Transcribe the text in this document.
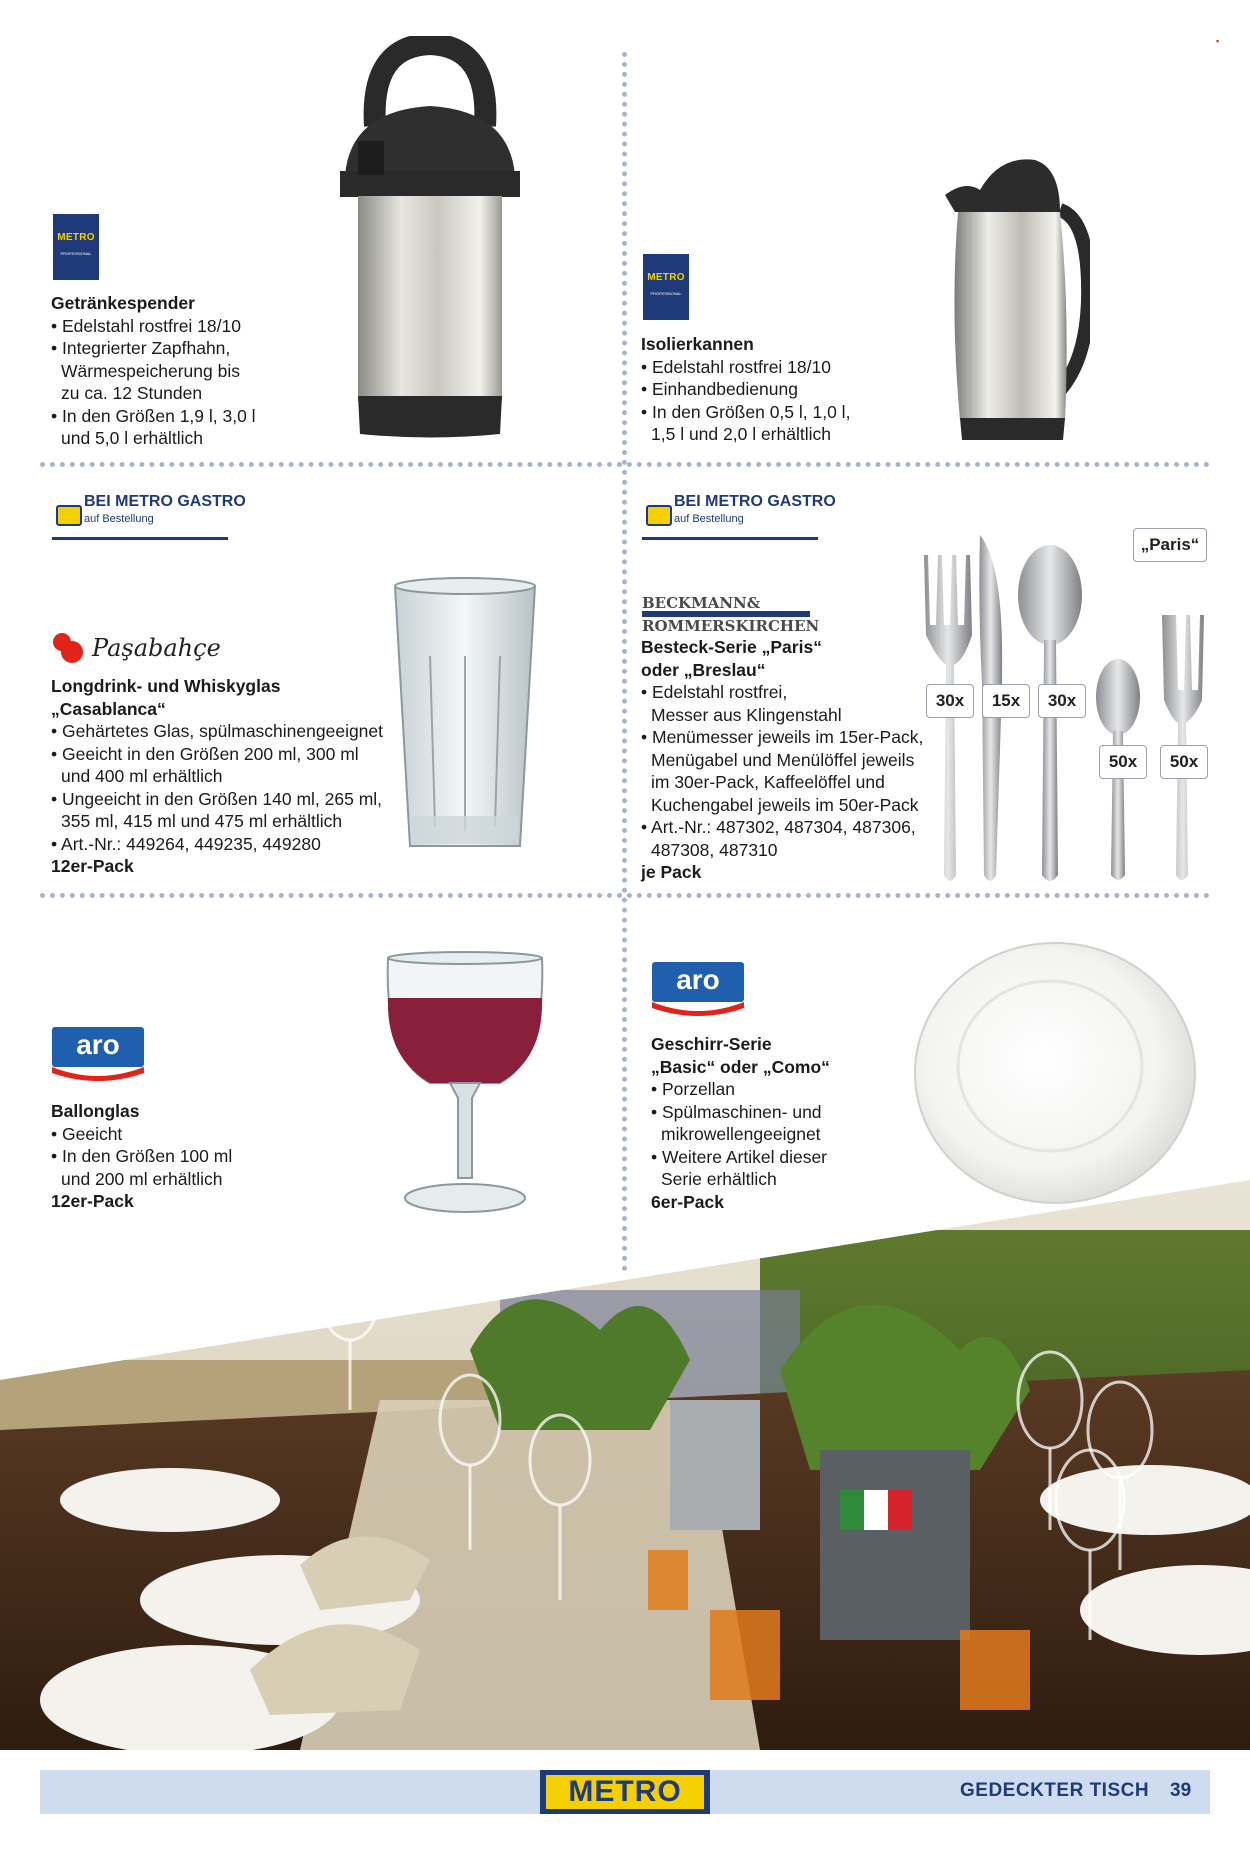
▪
METRO
PROFESSIONAL
Getränkespender
• Edelstahl rostfrei 18/10
• Integrierter Zapfhahn,
Wärmespeicherung bis
zu ca. 12 Stunden
• In den Größen 1,9 l, 3,0 l
und 5,0 l erhältlich
METRO
PROFESSIONAL
Isolierkannen
• Edelstahl rostfrei 18/10
• Einhandbedienung
• In den Größen 0,5 l, 1,0 l,
1,5 l und 2,0 l erhältlich
BEI METRO GASTRO
auf Bestellung
BEI METRO GASTRO
auf Bestellung
Paşabahçe
Longdrink- und Whiskyglas
„Casablanca“
• Gehärtetes Glas, spülmaschinengeeignet
• Geeicht in den Größen 200 ml, 300 ml
und 400 ml erhältlich
• Ungeeicht in den Größen 140 ml, 265 ml,
355 ml, 415 ml und 475 ml erhältlich
• Art.-Nr.: 449264, 449235, 449280
12er-Pack
BECKMANN&
ROMMERSKIRCHEN
Besteck-Serie „Paris“
oder „Breslau“
• Edelstahl rostfrei,
Messer aus Klingenstahl
• Menümesser jeweils im 15er-Pack,
Menügabel und Menülöffel jeweils
im 30er-Pack, Kaffeelöffel und
Kuchengabel jeweils im 50er-Pack
• Art.-Nr.: 487302, 487304, 487306,
487308, 487310
je Pack
„Paris“
30x	15x	30x
50x	50x
aro
Ballonglas
• Geeicht
• In den Größen 100 ml
und 200 ml erhältlich
12er-Pack
aro
Geschirr-Serie
„Basic“ oder „Como“
• Porzellan
• Spülmaschinen- und
mikrowellengeeignet
• Weitere Artikel dieser
Serie erhältlich
6er-Pack
METRO	GEDECKTER TISCH 39
